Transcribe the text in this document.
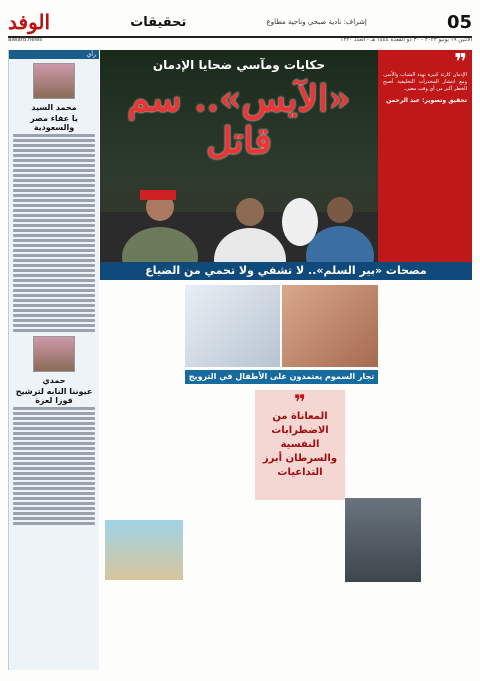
05
إشراف: نادية صبحي وناجية مطاوع
تحقيقات
الوفد
الاثنين ١٩ يونيو ٢٠٢٣ - ٣٠ ذو القعدة ١٤٤٤ هـ - العدد ١٢٢٠
alwafd.news
رأي
محمد السيد
يا عفاء مصر والسعودية
حمدي
عيوننا النابه لترشيح فوزا لعزة
حكايات ومآسي ضحايا الإدمان
«الآيس».. سم قاتل
❞
الإدمان كارثة كبيرة تهدد الشباب والأسر، ومع انتشار المخدرات التخليقية أصبح الخطر أكبر من أي وقت مضى.
تحقيق وتصوير: عبد الرحمن
مصحات «بير السلم».. لا تشفي ولا تحمي من الضياع
تجار السموم يعتمدون على الأطفال في الترويج
❞
المعاناة من الاضطرابات النفسية والسرطان أبرز التداعيات
